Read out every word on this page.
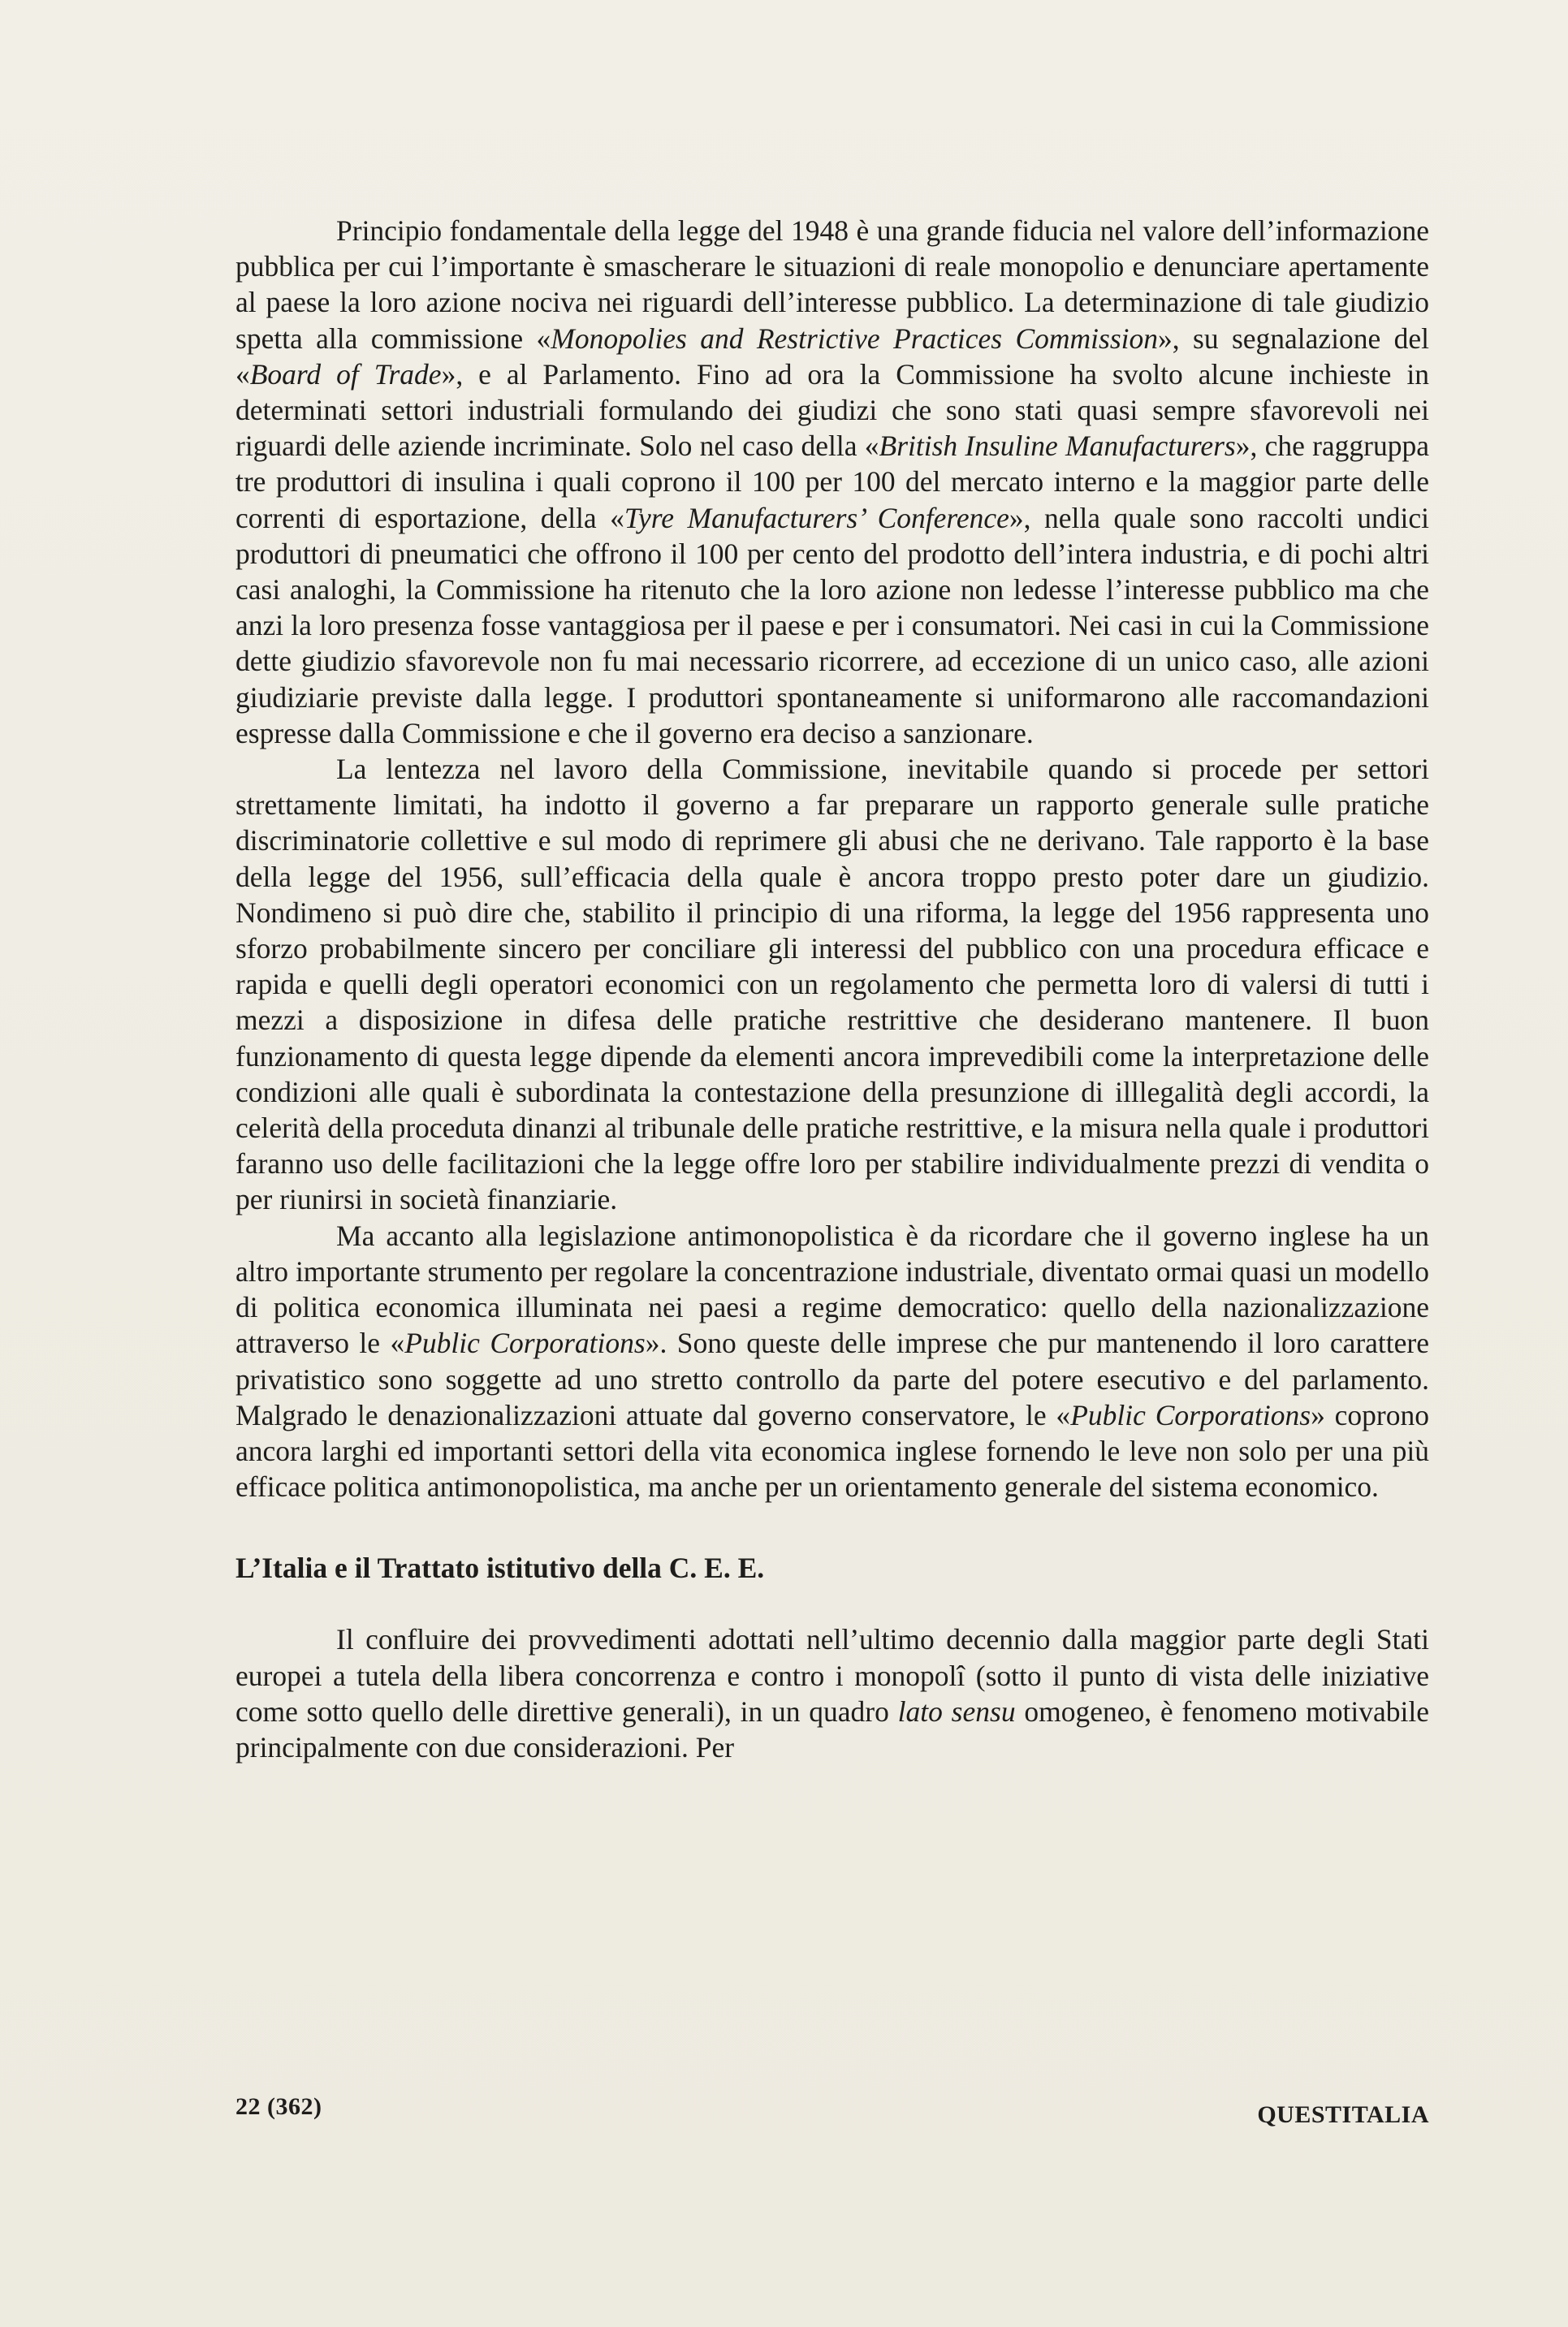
Principio fondamentale della legge del 1948 è una grande fiducia nel valore dell’informazione pubblica per cui l’importante è smascherare le situazioni di reale monopolio e denunciare apertamente al paese la loro azione nociva nei riguardi dell’interesse pubblico. La determinazione di tale giudizio spetta alla commissione «Monopolies and Restrictive Practices Commission», su segnalazione del «Board of Trade», e al Parlamento. Fino ad ora la Commissione ha svolto alcune inchieste in determinati settori industriali formulando dei giudizi che sono stati quasi sempre sfavorevoli nei riguardi delle aziende incriminate. Solo nel caso della «British Insuline Manufacturers», che raggruppa tre produttori di insulina i quali coprono il 100 per 100 del mercato interno e la maggior parte delle correnti di esportazione, della «Tyre Manufacturers’ Conference», nella quale sono raccolti undici produttori di pneumatici che offrono il 100 per cento del prodotto dell’intera industria, e di pochi altri casi analoghi, la Commissione ha ritenuto che la loro azione non ledesse l’interesse pubblico ma che anzi la loro presenza fosse vantaggiosa per il paese e per i consumatori. Nei casi in cui la Commissione dette giudizio sfavorevole non fu mai necessario ricorrere, ad eccezione di un unico caso, alle azioni giudiziarie previste dalla legge. I produttori spontaneamente si uniformarono alle raccomandazioni espresse dalla Commissione e che il governo era deciso a sanzionare.

La lentezza nel lavoro della Commissione, inevitabile quando si procede per settori strettamente limitati, ha indotto il governo a far preparare un rapporto generale sulle pratiche discriminatorie collettive e sul modo di reprimere gli abusi che ne derivano. Tale rapporto è la base della legge del 1956, sull’efficacia della quale è ancora troppo presto poter dare un giudizio. Nondimeno si può dire che, stabilito il principio di una riforma, la legge del 1956 rappresenta uno sforzo probabilmente sincero per conciliare gli interessi del pubblico con una procedura efficace e rapida e quelli degli operatori economici con un regolamento che permetta loro di valersi di tutti i mezzi a disposizione in difesa delle pratiche restrittive che desiderano mantenere. Il buon funzionamento di questa legge dipende da elementi ancora imprevedibili come la interpretazione delle condizioni alle quali è subordinata la contestazione della presunzione di illlegalità degli accordi, la celerità della proceduta dinanzi al tribunale delle pratiche restrittive, e la misura nella quale i produttori faranno uso delle facilitazioni che la legge offre loro per stabilire individualmente prezzi di vendita o per riunirsi in società finanziarie.

Ma accanto alla legislazione antimonopolistica è da ricordare che il governo inglese ha un altro importante strumento per regolare la concentrazione industriale, diventato ormai quasi un modello di politica economica illuminata nei paesi a regime democratico: quello della nazionalizzazione attraverso le «Public Corporations». Sono queste delle imprese che pur mantenendo il loro carattere privatistico sono soggette ad uno stretto controllo da parte del potere esecutivo e del parlamento. Malgrado le denazionalizzazioni attuate dal governo conservatore, le «Public Corporations» coprono ancora larghi ed importanti settori della vita economica inglese fornendo le leve non solo per una più efficace politica antimonopolistica, ma anche per un orientamento generale del sistema economico.

L’Italia e il Trattato istitutivo della C. E. E.

Il confluire dei provvedimenti adottati nell’ultimo decennio dalla maggior parte degli Stati europei a tutela della libera concorrenza e contro i monopolî (sotto il punto di vista delle iniziative come sotto quello delle direttive generali), in un quadro lato sensu omogeneo, è fenomeno motivabile principalmente con due considerazioni. Per

22 (362)	QUESTITALIA
